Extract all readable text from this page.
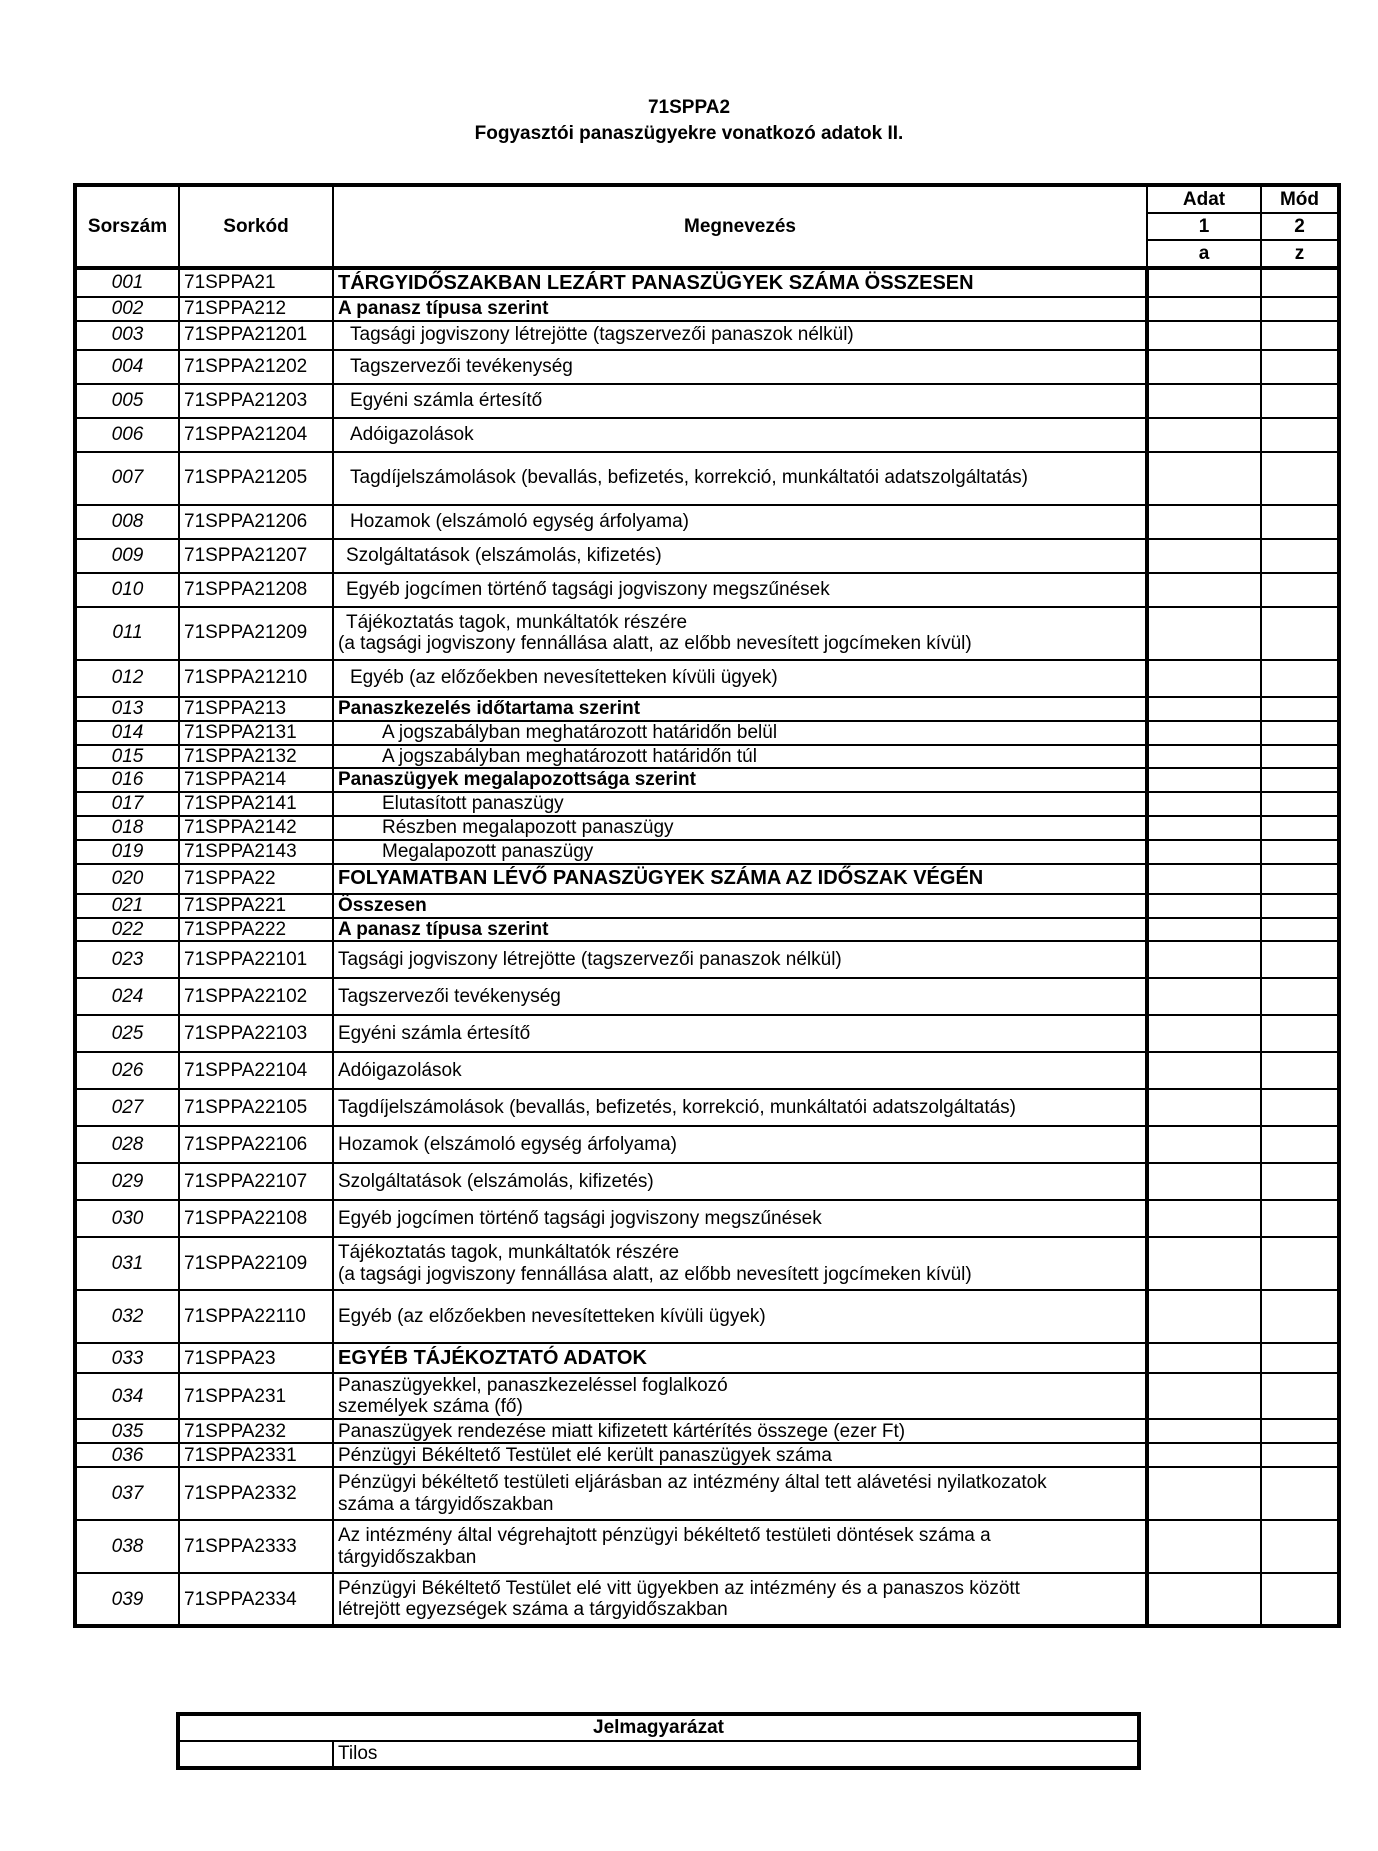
71SPPA2
Fogyasztói panaszügyekre vonatkozó adatok II.
Sorszám	Sorkód	Megnevezés	Adat	Mód
			1	2
			a	z
001	71SPPA21	TÁRGYIDŐSZAKBAN LEZÁRT PANASZÜGYEK SZÁMA ÖSSZESEN		

002	71SPPA212	A panasz típusa szerint		

003	71SPPA21201	Tagsági jogviszony létrejötte (tagszervezői panaszok nélkül)		

004	71SPPA21202	Tagszervezői tevékenység		

005	71SPPA21203	Egyéni számla értesítő		

006	71SPPA21204	Adóigazolások		

007	71SPPA21205	Tagdíjelszámolások (bevallás, befizetés, korrekció, munkáltatói adatszolgáltatás)		

008	71SPPA21206	Hozamok (elszámoló egység árfolyama)		

009	71SPPA21207	Szolgáltatások (elszámolás, kifizetés)		

010	71SPPA21208	Egyéb jogcímen történő tagsági jogviszony megszűnések		

011	71SPPA21209	Tájékoztatás tagok, munkáltatók részére
(a tagsági jogviszony fennállása alatt, az előbb nevesített jogcímeken kívül)		

012	71SPPA21210	Egyéb (az előzőekben nevesítetteken kívüli ügyek)		

013	71SPPA213	Panaszkezelés időtartama szerint		

014	71SPPA2131	A jogszabályban meghatározott határidőn belül		

015	71SPPA2132	A jogszabályban meghatározott határidőn túl		

016	71SPPA214	Panaszügyek megalapozottsága szerint		

017	71SPPA2141	Elutasított panaszügy		

018	71SPPA2142	Részben megalapozott panaszügy		

019	71SPPA2143	Megalapozott panaszügy		

020	71SPPA22	FOLYAMATBAN LÉVŐ PANASZÜGYEK SZÁMA AZ IDŐSZAK VÉGÉN		

021	71SPPA221	Összesen		

022	71SPPA222	A panasz típusa szerint		

023	71SPPA22101	Tagsági jogviszony létrejötte (tagszervezői panaszok nélkül)		

024	71SPPA22102	Tagszervezői tevékenység		

025	71SPPA22103	Egyéni számla értesítő		

026	71SPPA22104	Adóigazolások		

027	71SPPA22105	Tagdíjelszámolások (bevallás, befizetés, korrekció, munkáltatói adatszolgáltatás)		

028	71SPPA22106	Hozamok (elszámoló egység árfolyama)		

029	71SPPA22107	Szolgáltatások (elszámolás, kifizetés)		

030	71SPPA22108	Egyéb jogcímen történő tagsági jogviszony megszűnések		

031	71SPPA22109	Tájékoztatás tagok, munkáltatók részére
(a tagsági jogviszony fennállása alatt, az előbb nevesített jogcímeken kívül)		

032	71SPPA22110	Egyéb (az előzőekben nevesítetteken kívüli ügyek)		

033	71SPPA23	EGYÉB TÁJÉKOZTATÓ ADATOK		

034	71SPPA231	Panaszügyekkel, panaszkezeléssel foglalkozó
személyek száma (fő)		

035	71SPPA232	Panaszügyek rendezése miatt kifizetett kártérítés összege (ezer Ft)		

036	71SPPA2331	Pénzügyi Békéltető Testület elé került panaszügyek száma		

037	71SPPA2332	Pénzügyi békéltető testületi eljárásban az intézmény által tett alávetési nyilatkozatok
száma a tárgyidőszakban		

038	71SPPA2333	Az intézmény által végrehajtott pénzügyi békéltető testületi döntések száma a
tárgyidőszakban		

039	71SPPA2334	Pénzügyi Békéltető Testület elé vitt ügyekben az intézmény és a panaszos között
létrejött egyezségek száma a tárgyidőszakban		

Jelmagyarázat
	Tilos
